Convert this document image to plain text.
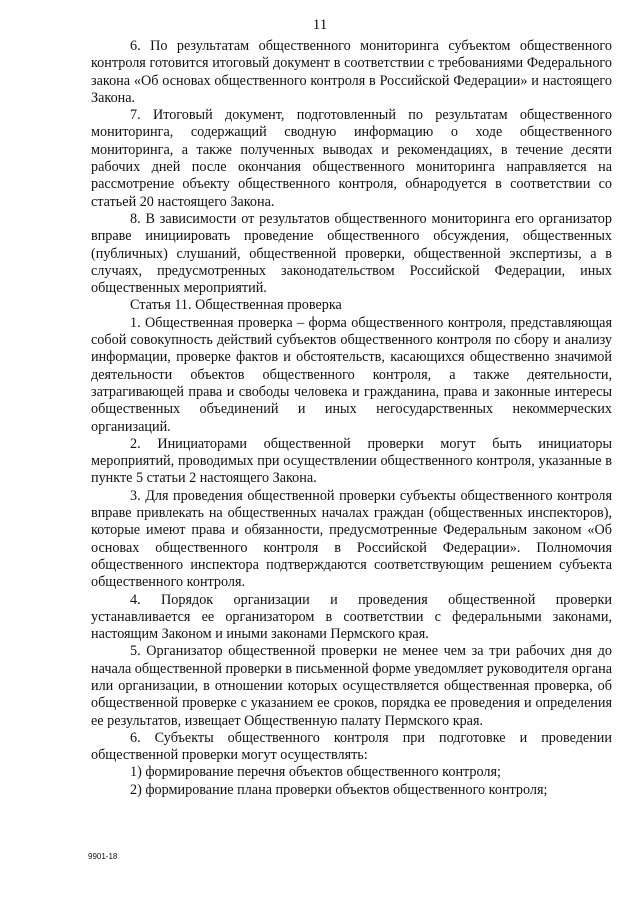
11

6. По результатам общественного мониторинга субъектом общественного контроля готовится итоговый документ в соответствии с требованиями Федерального закона «Об основах общественного контроля в Российской Федерации» и настоящего Закона.

7. Итоговый документ, подготовленный по результатам общественного мониторинга, содержащий сводную информацию о ходе общественного мониторинга, а также полученных выводах и рекомендациях, в течение десяти рабочих дней после окончания общественного мониторинга направляется на рассмотрение объекту общественного контроля, обнародуется в соответствии со статьей 20 настоящего Закона.

8. В зависимости от результатов общественного мониторинга его организатор вправе инициировать проведение общественного обсуждения, общественных (публичных) слушаний, общественной проверки, общественной экспертизы, а в случаях, предусмотренных законодательством Российской Федерации, иных общественных мероприятий.

Статья 11. Общественная проверка

1. Общественная проверка – форма общественного контроля, представляющая собой совокупность действий субъектов общественного контроля по сбору и анализу информации, проверке фактов и обстоятельств, касающихся общественно значимой деятельности объектов общественного контроля, а также деятельности, затрагивающей права и свободы человека и гражданина, права и законные интересы общественных объединений и иных негосударственных некоммерческих организаций.

2. Инициаторами общественной проверки могут быть инициаторы мероприятий, проводимых при осуществлении общественного контроля, указанные в пункте 5 статьи 2 настоящего Закона.

3. Для проведения общественной проверки субъекты общественного контроля вправе привлекать на общественных началах граждан (общественных инспекторов), которые имеют права и обязанности, предусмотренные Федеральным законом «Об основах общественного контроля в Российской Федерации». Полномочия общественного инспектора подтверждаются соответствующим решением субъекта общественного контроля.

4. Порядок организации и проведения общественной проверки устанавливается ее организатором в соответствии с федеральными законами, настоящим Законом и иными законами Пермского края.

5. Организатор общественной проверки не менее чем за три рабочих дня до начала общественной проверки в письменной форме уведомляет руководителя органа или организации, в отношении которых осуществляется общественная проверка, об общественной проверке с указанием ее сроков, порядка ее проведения и определения ее результатов, извещает Общественную палату Пермского края.

6. Субъекты общественного контроля при подготовке и проведении общественной проверки могут осуществлять:

1) формирование перечня объектов общественного контроля;

2) формирование плана проверки объектов общественного контроля;

9901-18
